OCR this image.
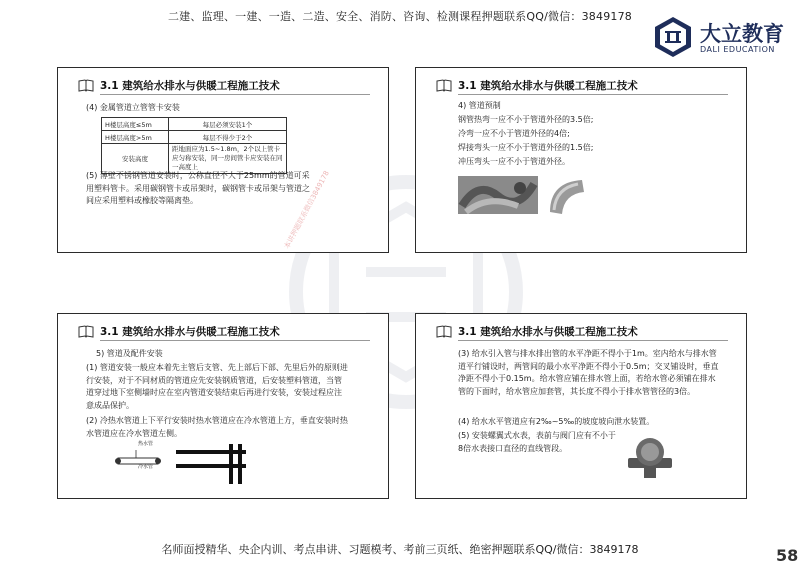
二建、监理、一建、一造、二造、安全、消防、咨询、检测课程押题联系QQ/微信：3849178
大立教育
DALI EDUCATION
3.1 建筑给水排水与供暖工程施工技术
(4) 金属管道立管管卡安装
H楼层高度≤5m	每层必须安装1个
H楼层高度>5m	每层不得少于2个
安装高度	距地面应为1.5~1.8m，2个以上管卡应匀称安装，同一房间管卡应安装在同一高度上
(5) 薄壁不锈钢管道安装时，公称直径不大于25mm的管道可采用塑料管卡。采用碳钢管卡或吊架时，碳钢管卡或吊架与管道之间应采用塑料或橡胶等隔离垫。	本讲押题联系微信3849178
3.1 建筑给水排水与供暖工程施工技术
4) 管道预制
钢管热弯一应不小于管道外径的3.5倍;
冷弯一应不小于管道外径的4倍;
焊接弯头一应不小于管道外径的1.5倍;
冲压弯头一应不小于管道外径。
3.1 建筑给水排水与供暖工程施工技术
5) 管道及配件安装
(1) 管道安装一般应本着先主管后支管、先上部后下部、先里后外的原则进行安装，对于不同材质的管道应先安装钢质管道，后安装塑料管道，当管道穿过地下室侧墙时应在室内管道安装结束后再进行安装，安装过程应注意成品保护。
(2) 冷热水管道上下平行安装时热水管道应在冷水管道上方，垂直安装时热水管道应在冷水管道左侧。
热水管
冷水管
3.1 建筑给水排水与供暖工程施工技术
(3) 给水引入管与排水排出管的水平净距不得小于1m。室内给水与排水管道平行铺设时，两管间的最小水平净距不得小于0.5m；交叉铺设时，垂直净距不得小于0.15m。给水管应铺在排水管上面，若给水管必须铺在排水管的下面时，给水管应加套管，其长度不得小于排水管管径的3倍。
(4) 给水水平管道应有2‰~5‰的坡度坡向泄水装置。
(5) 安装螺翼式水表，表前与阀门应有不小于8倍水表接口直径的直线管段。
名师面授精华、央企内训、考点串讲、习题模考、考前三页纸、绝密押题联系QQ/微信：3849178	58
